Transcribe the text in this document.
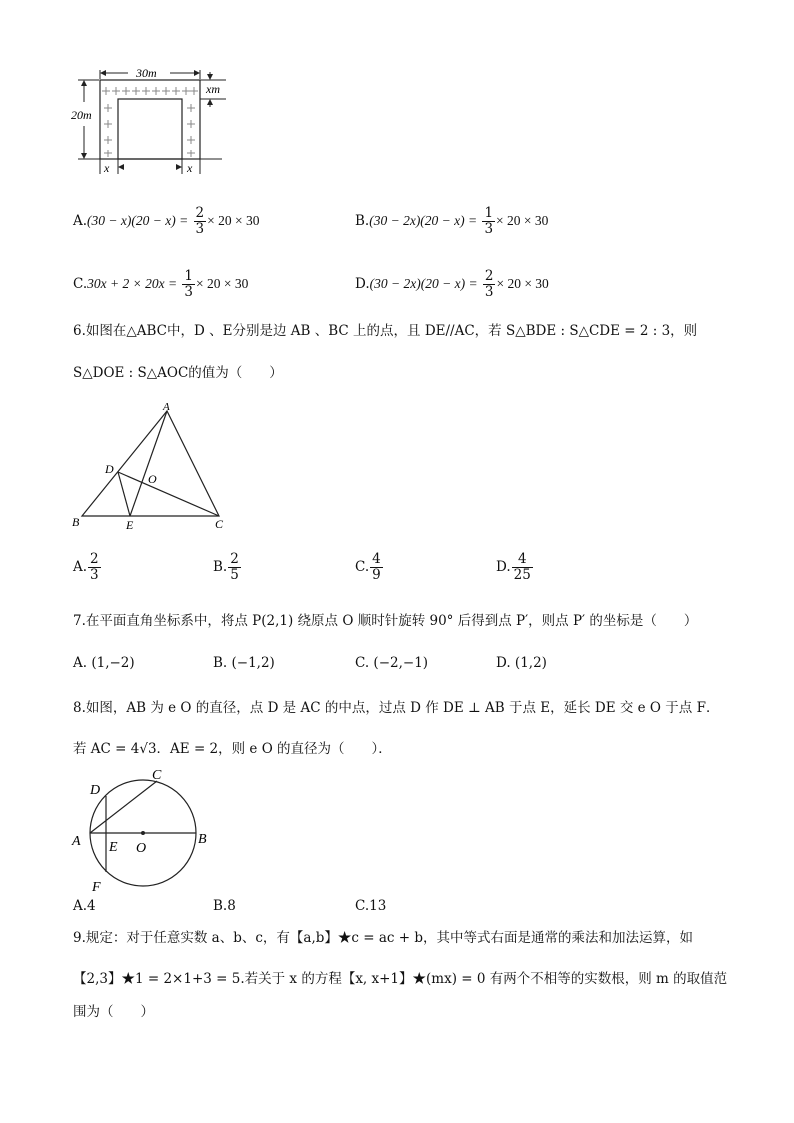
30m
20m
xm
x	x
$A.(30 - x)(20 - x) = \frac{2}{3} \times 20 \times 30$	$B.(30 - 2x)(20 - x) = \frac{1}{3} \times 20 \times 30$
$C.30x + 2 \times 20x = \frac{1}{3} \times 20 \times 30$	$D.(30 - 2x)(20 - x) = \frac{2}{3} \times 20 \times 30$
6.如图在△ABC中，D 、E分别是边 AB 、BC 上的点，且 DE//AC，若 S△BDE : S△CDE = 2 : 3，则
S△DOE : S△AOC的值为（　　）
A
B	C
D
E
O
A. $\frac{2}{3}$	B. $\frac{2}{5}$	C. $\frac{4}{9}$	D. $\frac{4}{25}$
7.在平面直角坐标系中，将点 P(2,1) 绕原点 O 顺时针旋转 90° 后得到点 P′，则点 P′ 的坐标是（　　）
A. (1,−2)	B. (−1,2)	C. (−2,−1)	D. (1,2)
8.如图，AB 为 e O 的直径，点 D 是 AC 的中点，过点 D 作 DE ⊥ AB 于点 E，延长 DE 交 e O 于点 F．
若 AC = 4√3．AE = 2，则 e O 的直径为（　　）．
A	B
C
D
E
F
O
A.4	B.8	C.13
9.规定：对于任意实数 a、b、c，有【a,b】★c = ac + b，其中等式右面是通常的乘法和加法运算，如
【2,3】★1 = 2×1+3 = 5.若关于 x 的方程【x, x+1】★(mx) = 0 有两个不相等的实数根，则 m 的取值范
围为（　　）
